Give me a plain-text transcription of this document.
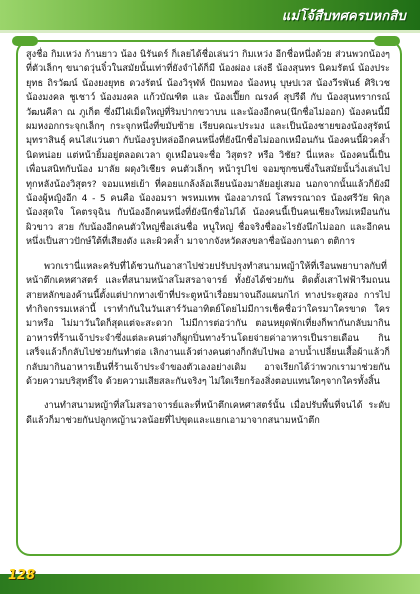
แม่โจ้สืบทศครบหกสิบ

สูงชื่อ กิมเหว่ง ก้านยาว น้อง นิรันดร์ ก็เลยได้ชื่อเล่นว่า กิมเหว่ง อีกชื่อหนึ่งด้วย ส่วนพวกน้องๆ ที่ตัวเล็กๆ ขนาดวุ่นจิ๋วในสมัยนั้นเท่าที่ยังจำได้ก็มี น้องผ่อง เล่งธี น้องสุนทร นิคมรัตน์ น้องประยุทธ ถิรวัฒน์ น้องยงยุทธ ดวงรัตน์ น้องวิรุฬห์ ปัถมทอง น้องหนุ บุษปเวส น้องวีรพันธ์ ศิริเวช น้องมงคล ชูเชาว์ น้องมงคล แก้วบัณฑิต และ น้องเปี๊ยก ณรงค์ สุปรีดี กับ น้องสุนทรากรณ์ วัฒนคีลา ณ ภูเก็ต ซึ่งมีไฝเม็ดใหญ่ที่ริมปากขวาบน และน้องอีกคน(นึกชื่อไม่ออก) น้องคนนี้มีผมหงอกกระจุกเล็กๆ กระจุกหนึ่งที่ขมับซ้าย เรียบคณะประมง และเป็นน้องชายของน้องสุรัตน์ มุทราสินธุ์ คนไส่แว่นตา กับน้องรูปหล่ออีกคนหนึ่งที่ยังนึกชื่อไม่ออกเหมือนกัน น้องคนนี้ผิวคล้ำนิดหน่อย แต่หน้ายิ้มอยู่ตลอดเวลา ดูเหมือนจะชื่อ วิสุตร? หรือ วิชัย? นี่แหละ น้องคนนี้เป็นเพื่อนสนิทกับน้อง มาลัย ผดุงวิเชียร คนตัวเล็กๆ หน้ารูปไข่ จอมซุกซนซึ่งในสมัยนั้นวิ่งเล่นไปทุกหลังน้องวิสุตร? จอมแหย่เย้า ที่คอยแกล้งล้อเลียนน้องมาลัยอยู่เสมอ นอกจากนั้นแล้วก็ยังมีน้องผู้หญิงอีก 4 - 5 คนคือ น้องอมรา พรหมเทพ น้องอาภรณ์ โสพรรณาถร น้องศรีวัย พิกุล น้องสุดใจ โคตรจุฉิน กับน้องอีกคนหนึ่งที่ยังนึกชื่อไม่ได้ น้องคนนี้เป็นคนเชียงใหม่เหมือนกัน ผิวขาว สวย กับน้องอีกคนตัวใหญ่ชื่อเล่นชื่อ หนูใหญ่ ชื่อจริงชื่ออะไรยังนึกไม่ออก และอีกคนหนึ่งเป็นสาวปักษ์ใต้ที่เสียงดัง และผิวคล้ำ มาจากจังหวัดสงขลาชื่อน้องกานดา ตติการ

พวกเรานี่แหละครับที่ได้ชวนกันอาสาไปช่วยปรับปรุงทำสนามหญ้าให้ที่เรือนพยาบาลกับที่หน้าตึกเคหศาสตร์ และที่สนามหน้าสโมสรอาจารย์ ทั้งยังได้ช่วยกัน ติดตั้งเสาไฟฟ้ารีมถนนสายหลักของค้านนี้ตั้งแต่ปากทางเข้าที่ประตูหน้าเรื่อยมาจนถึงแผนกไก่ ทางประตูสอง การไปทำกิจกรรมเหล่านี้ เราทำกันในวันเสาร์วันอาทิตย์โดยไม่มีการเช็คชื่อว่าใครมาใครขาด ใครมาหรือ ไม่มาวันใดก็สุดแต่จะสะดวก ไม่มีการต่อว่ากัน ตอนหยุดพักเที่ยงก็พากันกลับมากินอาหารที่ร้านเจ้าประจำซึ่งแต่ละคนต่างก็ผูกปิ่นทางร้านโดยจ่ายค่าอาหารเป็นรายเดือน กินเสร็จแล้วก็กลับไปช่วยกันทำต่อ เลิกงานแล้วต่างคนต่างก็กลับไปพอ อาบน้ำเปลี่ยนเสื้อผ้าแล้วก็กลับมากินอาหารเย็นที่ร้านเจ้าประจำของตัวเองอย่างเดิม อาจเรียกได้ว่าพวกเรามาช่วยกันด้วยความบริสุทธิ์ใจ ด้วยความเสียสละกันจริงๆ ไม่ใดเรียกร้องสิ่งตอบแทนใดๆจากใครทั้งสิ้น

งานทำสนามหญ้าที่สโมสรอาจารย์และที่หน้าตึกเคหศาสตร์นั้น เมื่อปรับพื้นที่จนได้ ระดับดีแล้วก็มาช่วยกันปลูกหญ้านวลน้อยที่ไปขุดและแยกเอามาจากสนามหน้าตึก

128
